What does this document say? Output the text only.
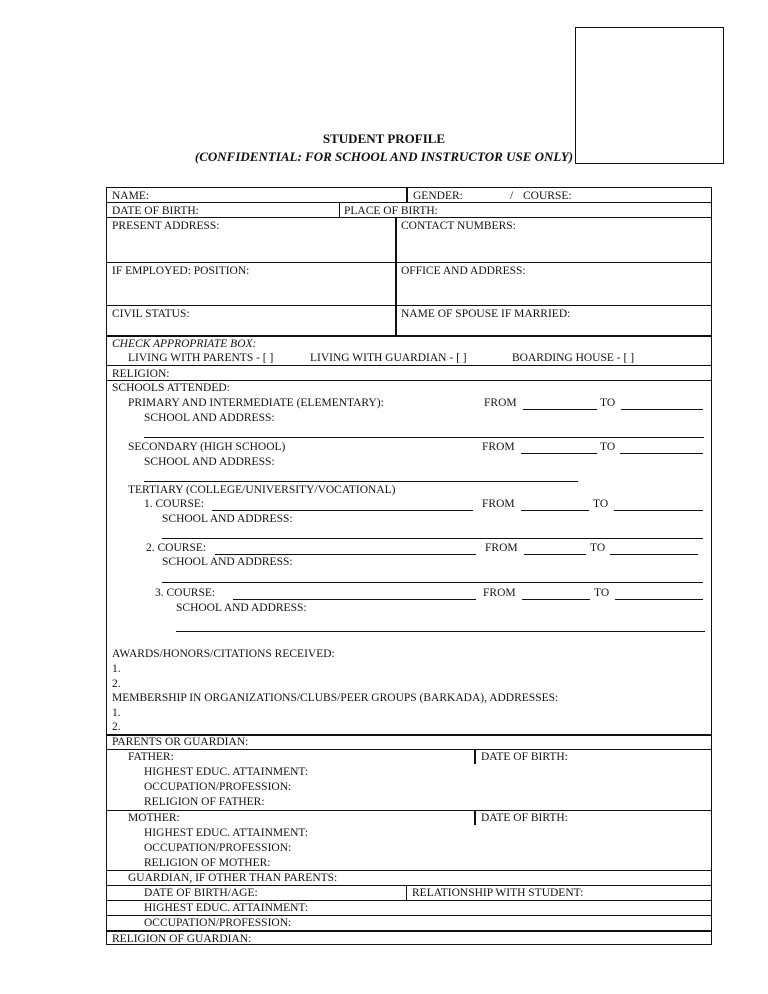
STUDENT PROFILE
(CONFIDENTIAL: FOR SCHOOL AND INSTRUCTOR USE ONLY)
NAME:	GENDER:	/ COURSE:
DATE OF BIRTH:	PLACE OF BIRTH:
PRESENT ADDRESS:	CONTACT NUMBERS:
IF EMPLOYED: POSITION:	OFFICE AND ADDRESS:
CIVIL STATUS:	NAME OF SPOUSE IF MARRIED:
CHECK APPROPRIATE BOX:
LIVING WITH PARENTS - [ ]	LIVING WITH GUARDIAN - [ ]	BOARDING HOUSE - [ ]
RELIGION:
SCHOOLS ATTENDED:
PRIMARY AND INTERMEDIATE (ELEMENTARY):	FROM	TO
SCHOOL AND ADDRESS:
SECONDARY (HIGH SCHOOL)	FROM	TO
SCHOOL AND ADDRESS:
TERTIARY (COLLEGE/UNIVERSITY/VOCATIONAL)
1. COURSE:	FROM	TO
SCHOOL AND ADDRESS:
2. COURSE:	FROM	TO
SCHOOL AND ADDRESS:
3. COURSE:	FROM	TO
SCHOOL AND ADDRESS:
AWARDS/HONORS/CITATIONS RECEIVED:
1.
2.
MEMBERSHIP IN ORGANIZATIONS/CLUBS/PEER GROUPS (BARKADA), ADDRESSES:
1.
2.
PARENTS OR GUARDIAN:
FATHER:	DATE OF BIRTH:
HIGHEST EDUC. ATTAINMENT:
OCCUPATION/PROFESSION:
RELIGION OF FATHER:
MOTHER:	DATE OF BIRTH:
HIGHEST EDUC. ATTAINMENT:
OCCUPATION/PROFESSION:
RELIGION OF MOTHER:
GUARDIAN, IF OTHER THAN PARENTS:
DATE OF BIRTH/AGE:	RELATIONSHIP WITH STUDENT:
HIGHEST EDUC. ATTAINMENT:
OCCUPATION/PROFESSION:
RELIGION OF GUARDIAN:
